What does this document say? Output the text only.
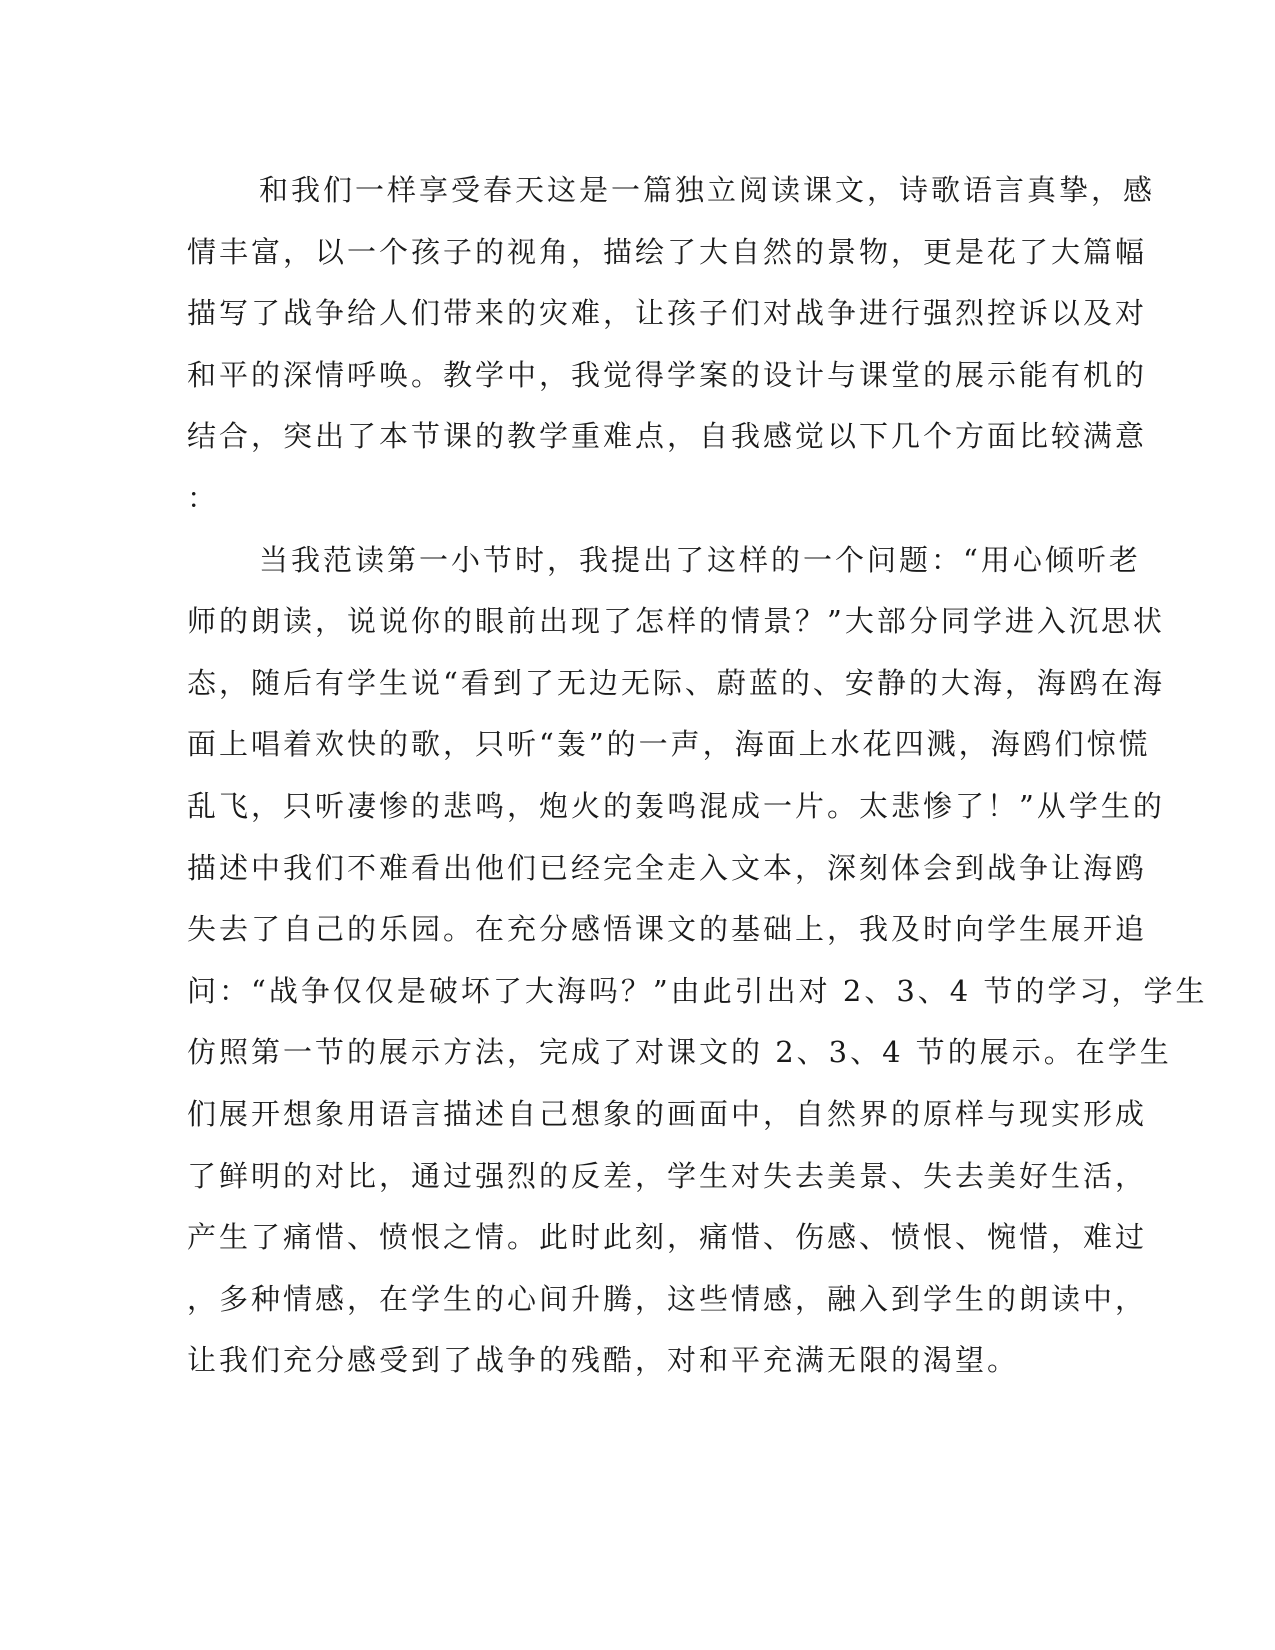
和我们一样享受春天这是一篇独立阅读课文，诗歌语言真挚，感
情丰富，以一个孩子的视角，描绘了大自然的景物，更是花了大篇幅
描写了战争给人们带来的灾难，让孩子们对战争进行强烈控诉以及对
和平的深情呼唤。教学中，我觉得学案的设计与课堂的展示能有机的
结合，突出了本节课的教学重难点，自我感觉以下几个方面比较满意
：
当我范读第一小节时，我提出了这样的一个问题：“用心倾听老
师的朗读，说说你的眼前出现了怎样的情景？”大部分同学进入沉思状
态，随后有学生说“看到了无边无际、蔚蓝的、安静的大海，海鸥在海
面上唱着欢快的歌，只听“轰”的一声，海面上水花四溅，海鸥们惊慌
乱飞，只听凄惨的悲鸣，炮火的轰鸣混成一片。太悲惨了！”从学生的
描述中我们不难看出他们已经完全走入文本，深刻体会到战争让海鸥
失去了自己的乐园。在充分感悟课文的基础上，我及时向学生展开追
问：“战争仅仅是破坏了大海吗？”由此引出对 2、3、4 节的学习，学生
仿照第一节的展示方法，完成了对课文的 2、3、4 节的展示。在学生
们展开想象用语言描述自己想象的画面中，自然界的原样与现实形成
了鲜明的对比，通过强烈的反差，学生对失去美景、失去美好生活，
产生了痛惜、愤恨之情。此时此刻，痛惜、伤感、愤恨、惋惜，难过
，多种情感，在学生的心间升腾，这些情感，融入到学生的朗读中，
让我们充分感受到了战争的残酷，对和平充满无限的渴望。
